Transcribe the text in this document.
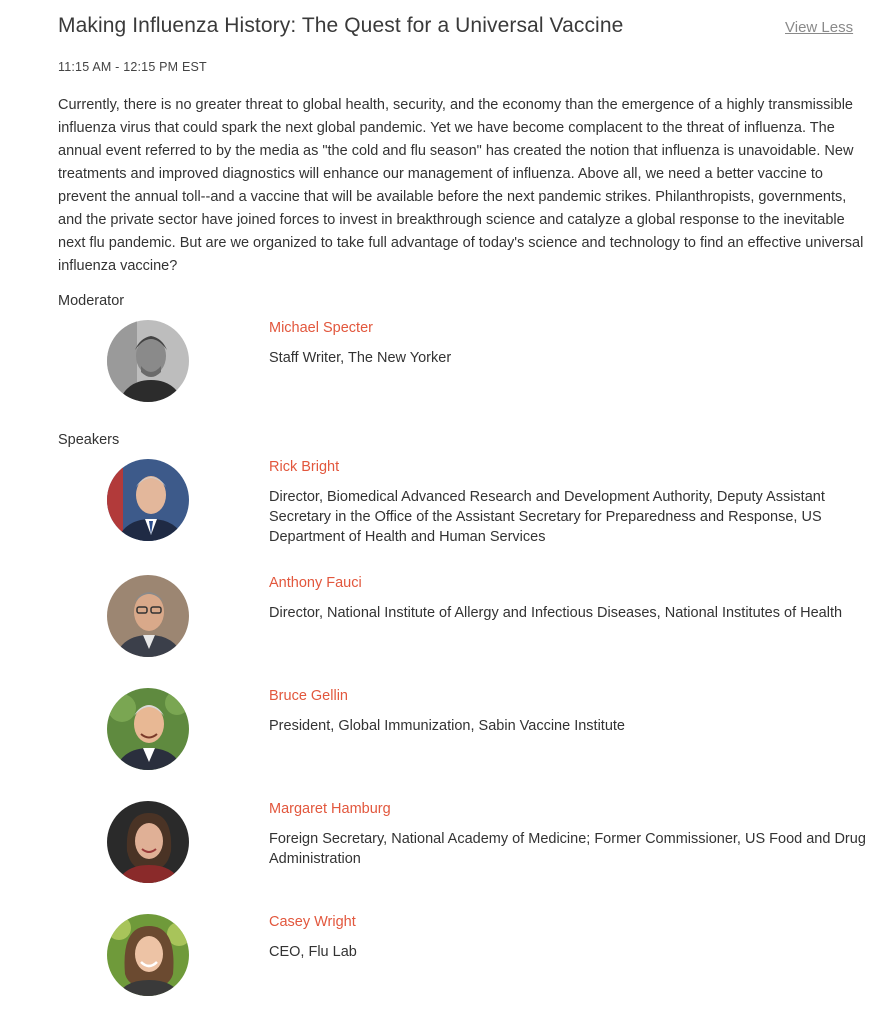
Making Influenza History: The Quest for a Universal Vaccine	View Less
11:15 AM - 12:15 PM EST

Currently, there is no greater threat to global health, security, and the economy than the emergence of a highly transmissible influenza virus that could spark the next global pandemic. Yet we have become complacent to the threat of influenza. The annual event referred to by the media as "the cold and flu season" has created the notion that influenza is unavoidable. New treatments and improved diagnostics will enhance our management of influenza. Above all, we need a better vaccine to prevent the annual toll--and a vaccine that will be available before the next pandemic strikes. Philanthropists, governments, and the private sector have joined forces to invest in breakthrough science and catalyze a global response to the inevitable next flu pandemic. But are we organized to take full advantage of today's science and technology to find an effective universal influenza vaccine?

Moderator
Michael Specter
Staff Writer, The New Yorker
Speakers
Rick Bright
Director, Biomedical Advanced Research and Development Authority, Deputy Assistant Secretary in the Office of the Assistant Secretary for Preparedness and Response, US Department of Health and Human Services
Anthony Fauci
Director, National Institute of Allergy and Infectious Diseases, National Institutes of Health
Bruce Gellin
President, Global Immunization, Sabin Vaccine Institute
Margaret Hamburg
Foreign Secretary, National Academy of Medicine; Former Commissioner, US Food and Drug Administration
Casey Wright
CEO, Flu Lab
